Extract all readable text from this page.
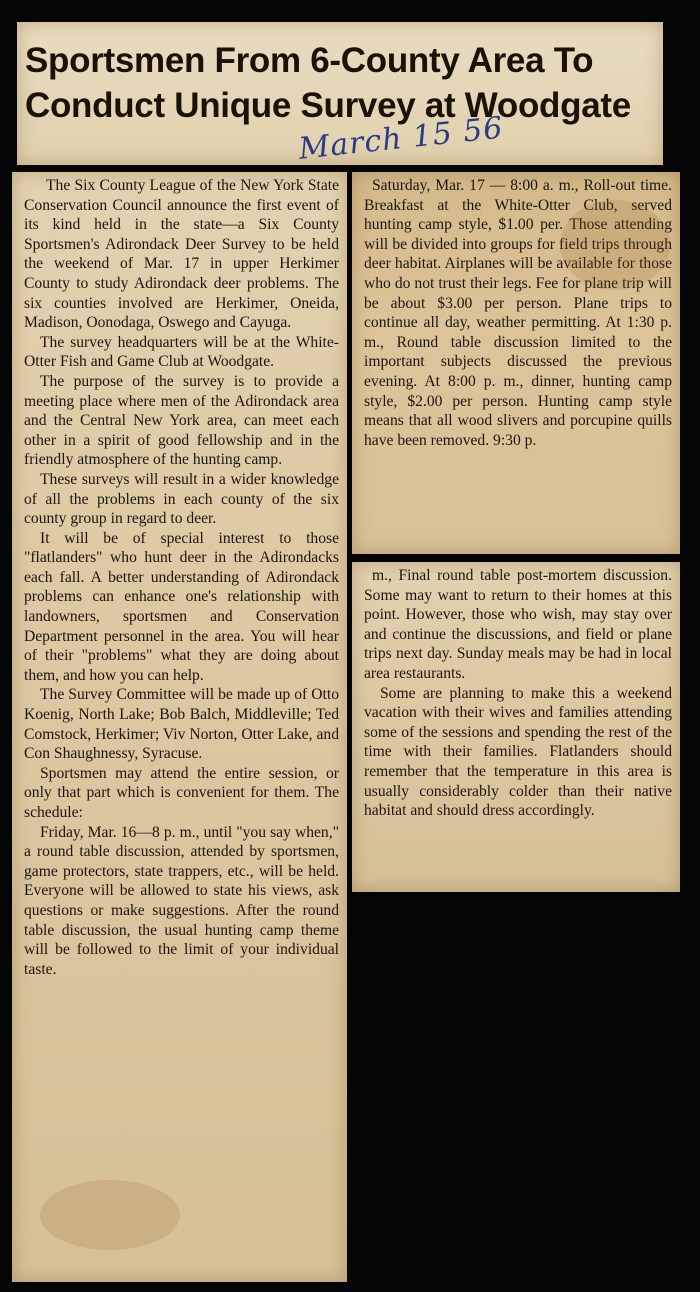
Sportsmen From 6-County Area To Conduct Unique Survey at Woodgate
March 15 56

The Six County League of the New York State Conservation Council announce the first event of its kind held in the state—a Six County Sportsmen's Adirondack Deer Survey to be held the weekend of Mar. 17 in upper Herkimer County to study Adirondack deer problems. The six counties involved are Herkimer, Oneida, Madison, Oonodaga, Oswego and Cayuga.

The survey headquarters will be at the White-Otter Fish and Game Club at Woodgate.

The purpose of the survey is to provide a meeting place where men of the Adirondack area and the Central New York area, can meet each other in a spirit of good fellowship and in the friendly atmosphere of the hunting camp.

These surveys will result in a wider knowledge of all the problems in each county of the six county group in regard to deer.

It will be of special interest to those "flatlanders" who hunt deer in the Adirondacks each fall. A better understanding of Adirondack problems can enhance one's relationship with landowners, sportsmen and Conservation Department personnel in the area. You will hear of their "problems" what they are doing about them, and how you can help.

The Survey Committee will be made up of Otto Koenig, North Lake; Bob Balch, Middleville; Ted Comstock, Herkimer; Viv Norton, Otter Lake, and Con Shaughnessy, Syracuse.

Sportsmen may attend the entire session, or only that part which is convenient for them. The schedule:

Friday, Mar. 16—8 p. m., until "you say when," a round table discussion, attended by sportsmen, game protectors, state trappers, etc., will be held. Everyone will be allowed to state his views, ask questions or make suggestions. After the round table discussion, the usual hunting camp theme will be followed to the limit of your individual taste.

Saturday, Mar. 17 — 8:00 a. m., Roll-out time. Breakfast at the White-Otter Club, served hunting camp style, $1.00 per. Those attending will be divided into groups for field trips through deer habitat. Airplanes will be available for those who do not trust their legs. Fee for plane trip will be about $3.00 per person. Plane trips to continue all day, weather permitting. At 1:30 p. m., Round table discussion limited to the important subjects discussed the previous evening. At 8:00 p. m., dinner, hunting camp style, $2.00 per person. Hunting camp style means that all wood slivers and porcupine quills have been removed. 9:30 p.

m., Final round table post-mortem discussion. Some may want to return to their homes at this point. However, those who wish, may stay over and continue the discussions, and field or plane trips next day. Sunday meals may be had in local area restaurants.

Some are planning to make this a weekend vacation with their wives and families attending some of the sessions and spending the rest of the time with their families. Flatlanders should remember that the temperature in this area is usually considerably colder than their native habitat and should dress accordingly.
